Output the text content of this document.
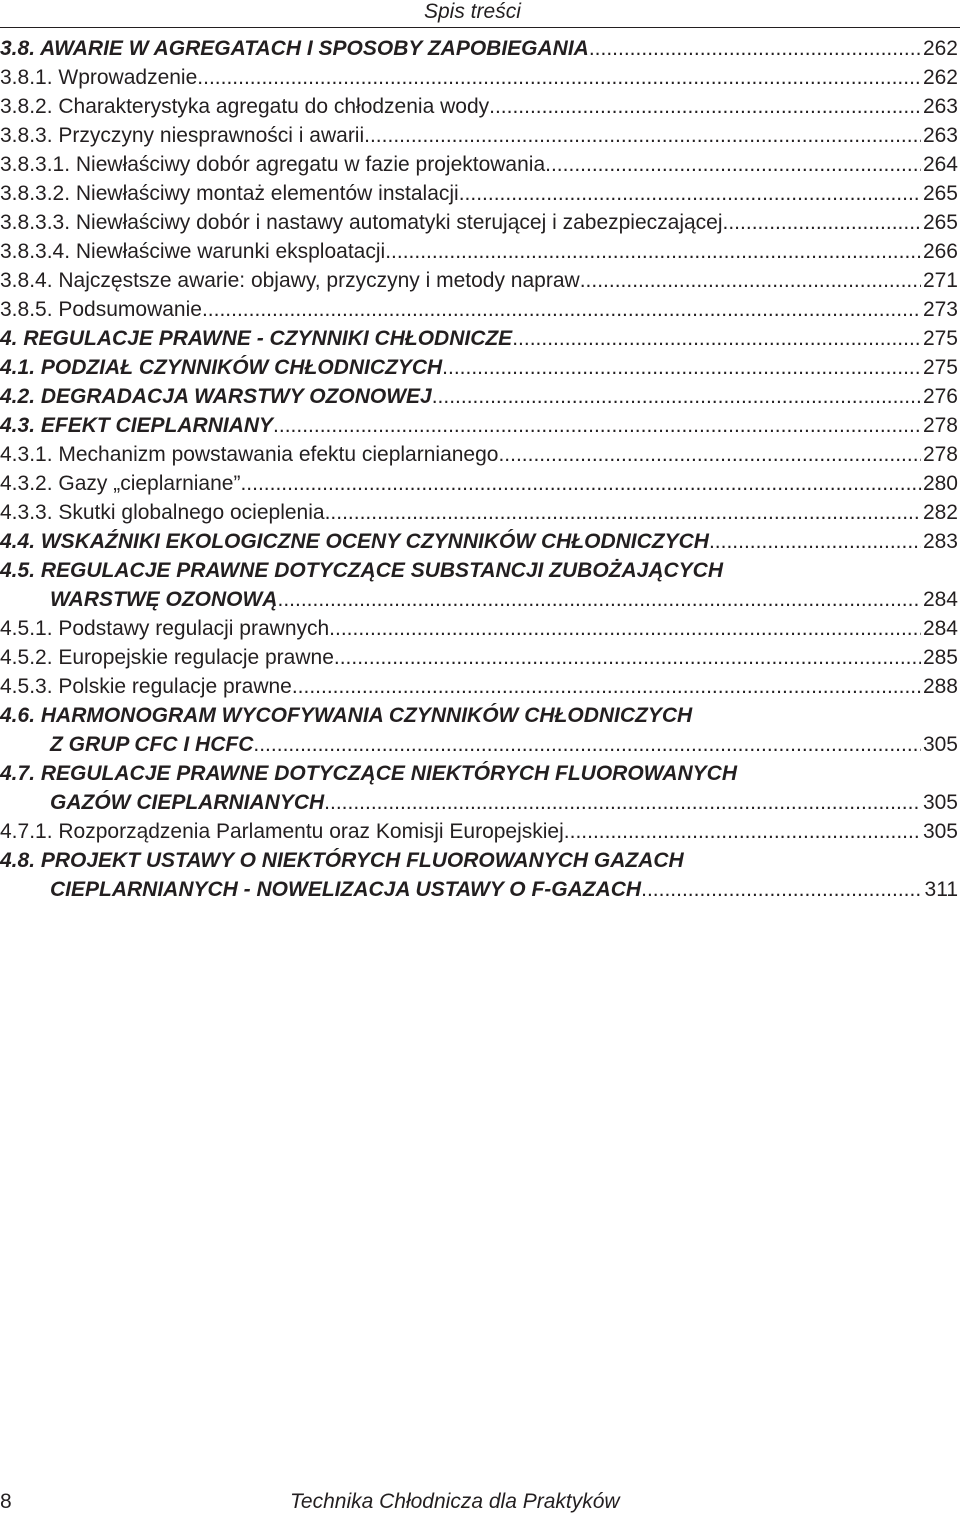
Spis treści
3.8. AWARIE W AGREGATACH I SPOSOBY ZAPOBIEGANIA .....	262
3.8.1. Wprowadzenie .....	262
3.8.2. Charakterystyka agregatu do chłodzenia wody .....	263
3.8.3. Przyczyny niesprawności i awarii .....	263
3.8.3.1. Niewłaściwy dobór agregatu w fazie projektowania .....	264
3.8.3.2. Niewłaściwy montaż elementów instalacji .....	265
3.8.3.3. Niewłaściwy dobór i nastawy automatyki sterującej i zabezpieczającej .....	265
3.8.3.4. Niewłaściwe warunki eksploatacji .....	266
3.8.4. Najczęstsze awarie: objawy, przyczyny i metody napraw .....	271
3.8.5. Podsumowanie .....	273
4. REGULACJE PRAWNE - CZYNNIKI CHŁODNICZE .....	275
4.1. PODZIAŁ CZYNNIKÓW CHŁODNICZYCH .....	275
4.2. DEGRADACJA WARSTWY OZONOWEJ .....	276
4.3. EFEKT CIEPLARNIANY .....	278
4.3.1. Mechanizm powstawania efektu cieplarnianego .....	278
4.3.2. Gazy „cieplarniane” .....	280
4.3.3. Skutki globalnego ocieplenia .....	282
4.4. WSKAŹNIKI EKOLOGICZNE OCENY CZYNNIKÓW CHŁODNICZYCH .....	283
4.5. REGULACJE PRAWNE DOTYCZĄCE SUBSTANCJI ZUBOŻAJĄCYCH
WARSTWĘ OZONOWĄ .....	284
4.5.1. Podstawy regulacji prawnych .....	284
4.5.2. Europejskie regulacje prawne .....	285
4.5.3. Polskie regulacje prawne .....	288
4.6. HARMONOGRAM WYCOFYWANIA CZYNNIKÓW CHŁODNICZYCH
Z GRUP CFC I HCFC .....	305
4.7. REGULACJE PRAWNE DOTYCZĄCE NIEKTÓRYCH FLUOROWANYCH
GAZÓW CIEPLARNIANYCH .....	305
4.7.1. Rozporządzenia Parlamentu oraz Komisji Europejskiej .....	305
4.8. PROJEKT USTAWY O NIEKTÓRYCH FLUOROWANYCH GAZACH
CIEPLARNIANYCH - NOWELIZACJA USTAWY O F-GAZACH .....	311
8	Technika Chłodnicza dla Praktyków
